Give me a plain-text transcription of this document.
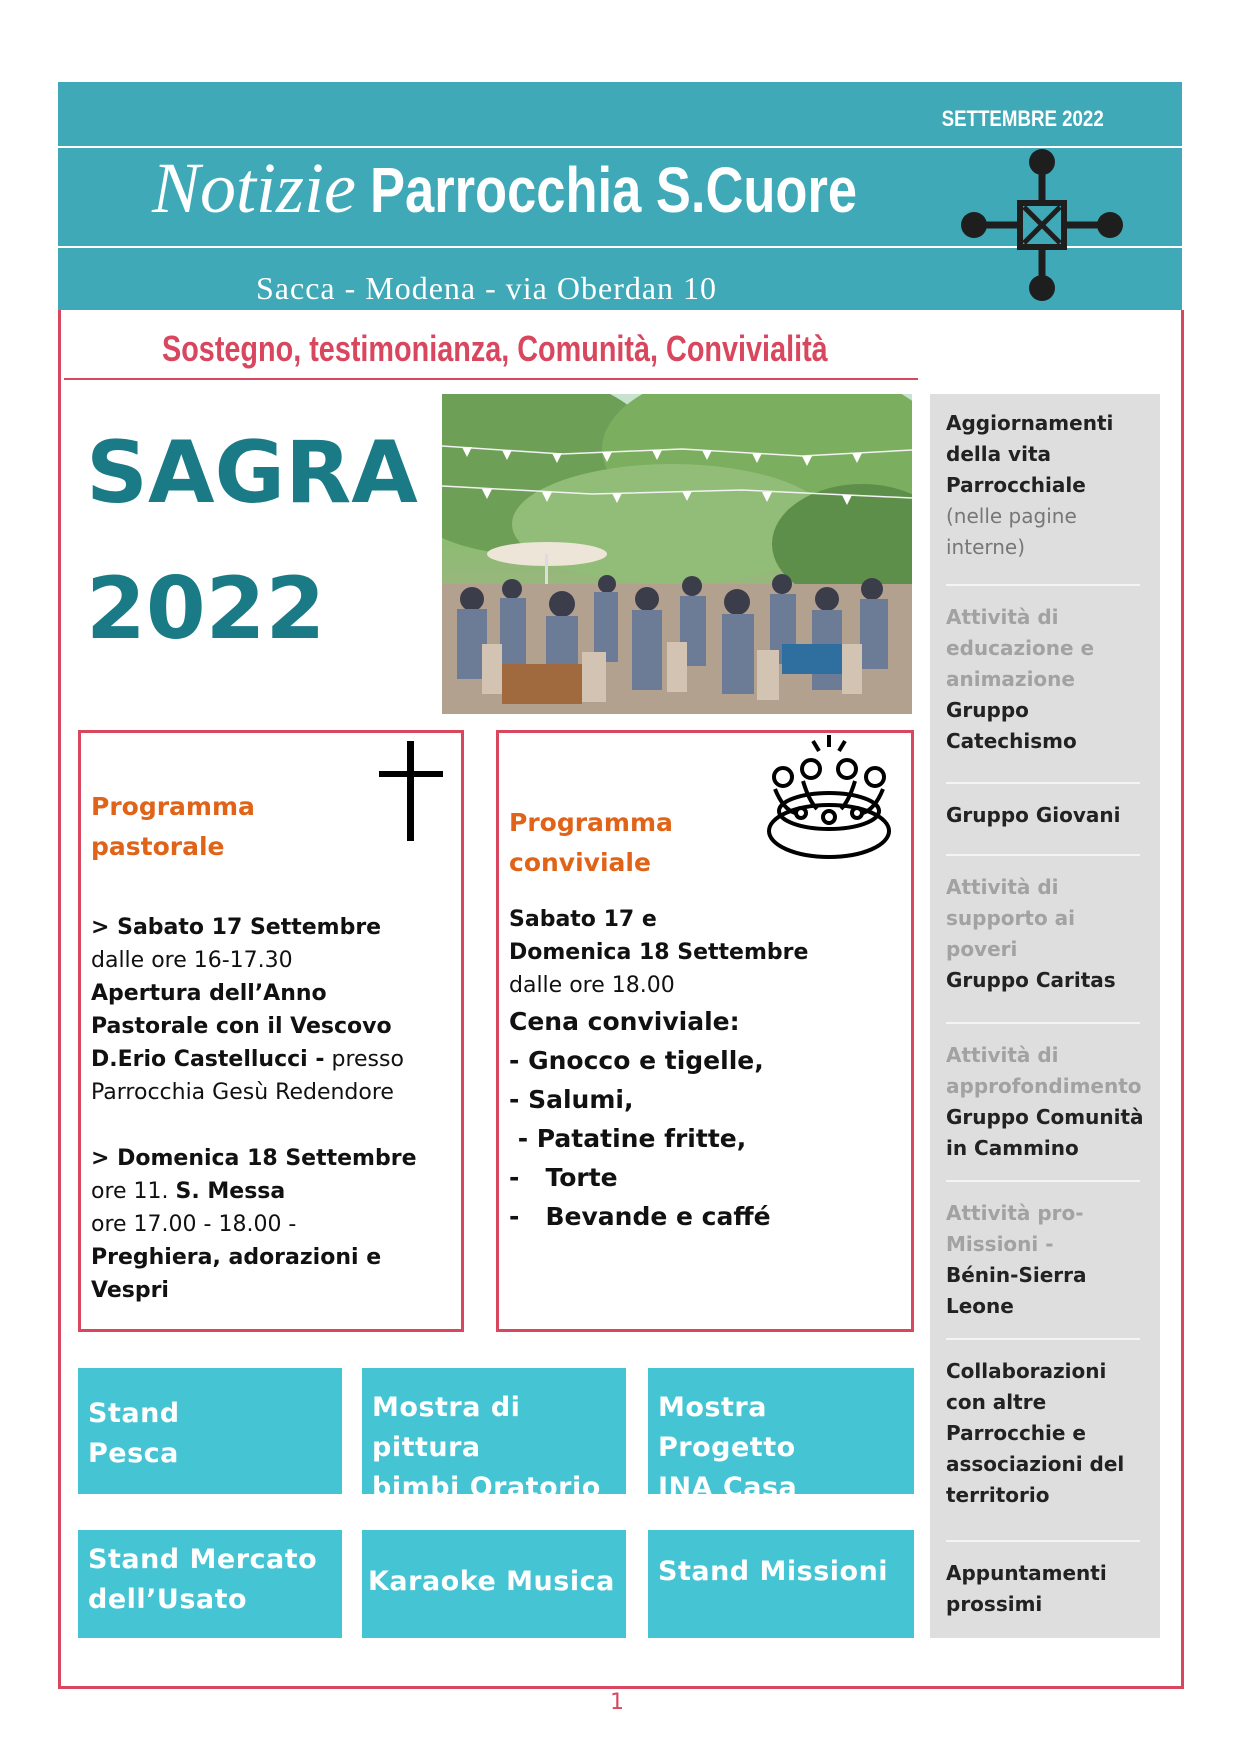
SETTEMBRE 2022
Notizie Parrocchia S.Cuore
Sacca - Modena - via Oberdan 10
Sostegno, testimonianza, Comunità, Convivialità
SAGRA
2022
Programma
pastorale
> Sabato 17 Settembre
dalle ore 16-17.30
Apertura dell’Anno Pastorale con il Vescovo D.Erio Castellucci - presso Parrocchia Gesù Redendore
> Domenica 18 Settembre
ore 11. S. Messa
ore 17.00 - 18.00 -
Preghiera, adorazioni e Vespri
Programma
conviviale
Sabato 17 e
Domenica 18 Settembre
dalle ore 18.00
Cena conviviale:
- Gnocco e tigelle,
- Salumi,
- Patatine fritte,
-   Torte
-   Bevande e caffé
Aggiornamenti della vita Parrocchiale
(nelle pagine interne)
Attività di educazione e animazione
Gruppo Catechismo
Gruppo Giovani
Attività di supporto ai poveri
Gruppo Caritas
Attività di approfondimento
Gruppo Comunità in Cammino
Attività pro-Missioni -
Bénin-Sierra Leone
Collaborazioni con altre Parrocchie e associazioni del territorio
Appuntamenti prossimi
Stand
Pesca
Mostra di pittura
bimbi Oratorio
Mostra Progetto
INA Casa
Stand Mercato
dell’Usato
Karaoke Musica	Stand Missioni
1
